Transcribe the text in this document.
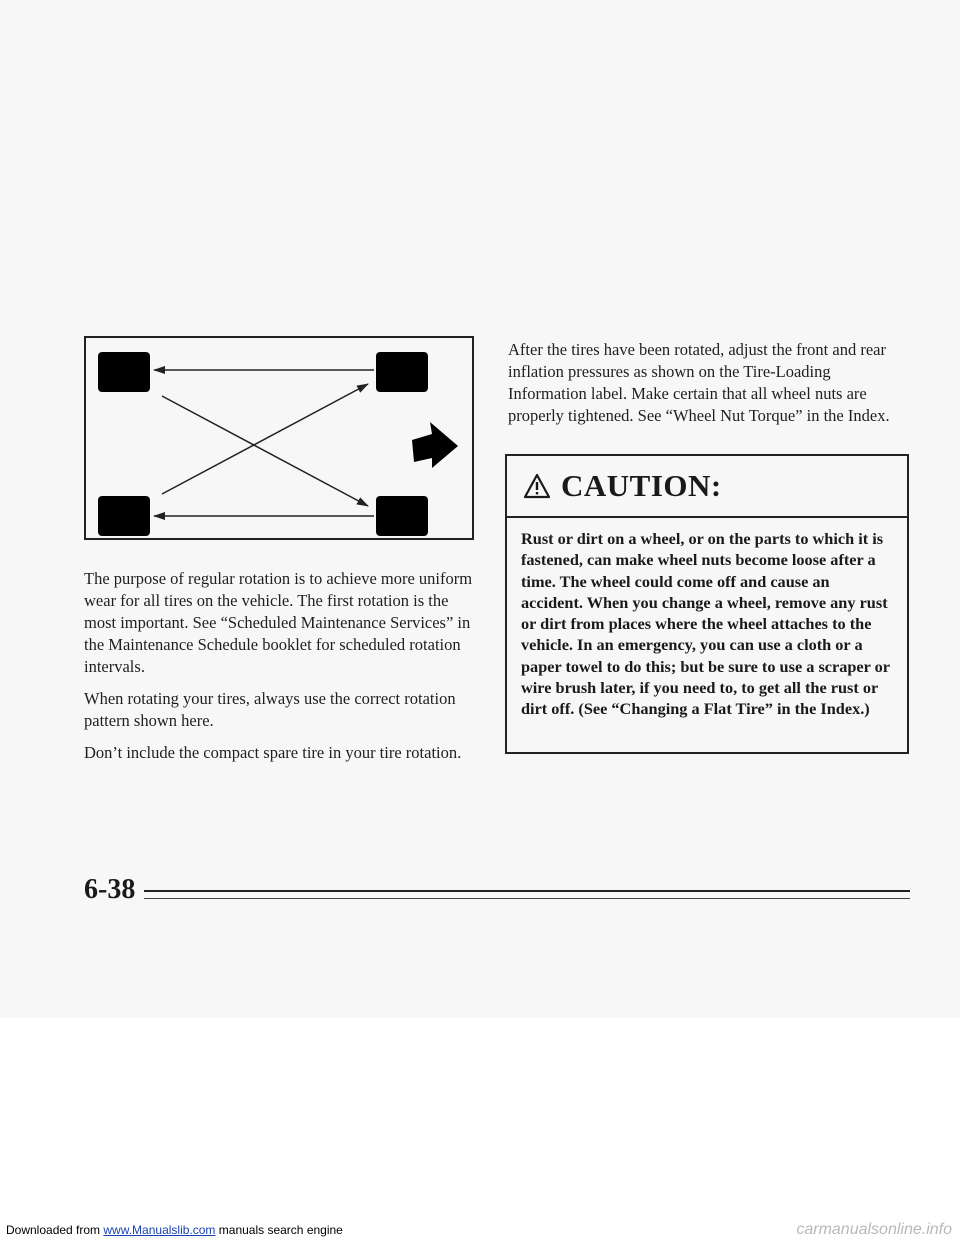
The purpose of regular rotation is to achieve more uniform wear for all tires on the vehicle. The first rotation is the most important. See “Scheduled Maintenance Services” in the Maintenance Schedule booklet for scheduled rotation intervals.

When rotating your tires, always use the correct rotation pattern shown here.

Don’t include the compact spare tire in your tire rotation.

After the tires have been rotated, adjust the front and rear inflation pressures as shown on the Tire-Loading Information label. Make certain that all wheel nuts are properly tightened. See “Wheel Nut Torque” in the Index.

CAUTION:
Rust or dirt on a wheel, or on the parts to which it is fastened, can make wheel nuts become loose after a time. The wheel could come off and cause an accident. When you change a wheel, remove any rust or dirt from places where the wheel attaches to the vehicle. In an emergency, you can use a cloth or a paper towel to do this; but be sure to use a scraper or wire brush later, if you need to, to get all the rust or dirt off. (See “Changing a Flat Tire” in the Index.)
6-38
Downloaded from www.Manualslib.com manuals search engine	carmanualsonline.info
